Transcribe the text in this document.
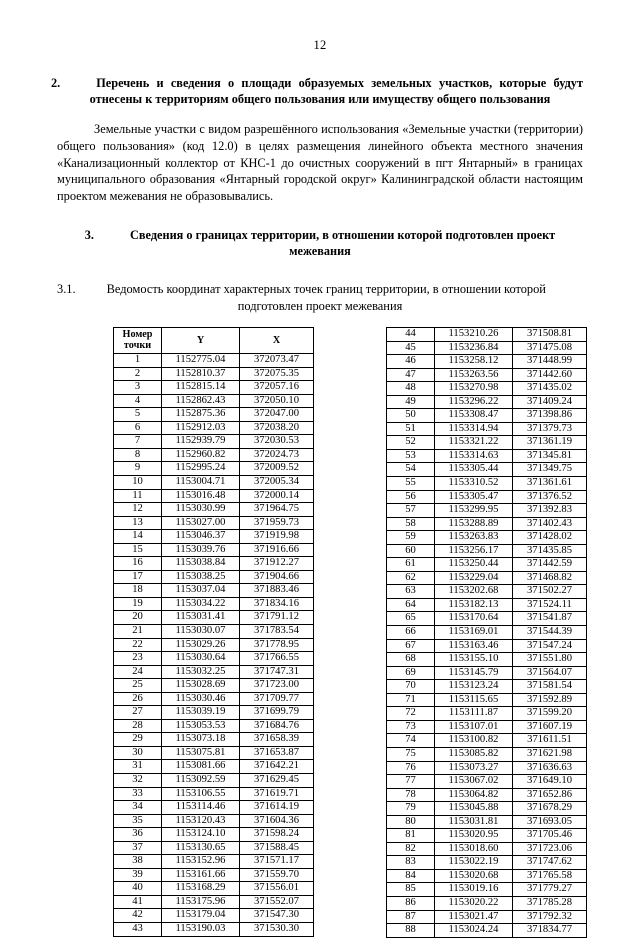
12
2.	Перечень и сведения о площади образуемых земельных участков, которые будут отнесены к территориям общего пользования или имуществу общего пользования

Земельные участки с видом разрешённого использования «Земельные участки (территории) общего пользования» (код 12.0) в целях размещения линейного объекта местного значения «Канализационный коллектор от КНС-1 до очистных сооружений в пгт Янтарный» в границах муниципального образования «Янтарный городской округ» Калининградской области настоящим проектом межевания не образовывались.

3.	Сведения о границах территории, в отношении которой подготовлен проект межевания
3.1.	Ведомость координат характерных точек границ территории, в отношении которой подготовлен проект межевания
Номер
точки	Y	X
1	1152775.04	372073.47
2	1152810.37	372075.35
3	1152815.14	372057.16
4	1152862.43	372050.10
5	1152875.36	372047.00
6	1152912.03	372038.20
7	1152939.79	372030.53
8	1152960.82	372024.73
9	1152995.24	372009.52
10	1153004.71	372005.34
11	1153016.48	372000.14
12	1153030.99	371964.75
13	1153027.00	371959.73
14	1153046.37	371919.98
15	1153039.76	371916.66
16	1153038.84	371912.27
17	1153038.25	371904.66
18	1153037.04	371883.46
19	1153034.22	371834.16
20	1153031.41	371791.12
21	1153030.07	371783.54
22	1153029.26	371778.95
23	1153030.64	371766.55
24	1153032.25	371747.31
25	1153028.69	371723.00
26	1153030.46	371709.77
27	1153039.19	371699.79
28	1153053.53	371684.76
29	1153073.18	371658.39
30	1153075.81	371653.87
31	1153081.66	371642.21
32	1153092.59	371629.45
33	1153106.55	371619.71
34	1153114.46	371614.19
35	1153120.43	371604.36
36	1153124.10	371598.24
37	1153130.65	371588.45
38	1153152.96	371571.17
39	1153161.66	371559.70
40	1153168.29	371556.01
41	1153175.96	371552.07
42	1153179.04	371547.30
43	1153190.03	371530.30
44	1153210.26	371508.81
45	1153236.84	371475.08
46	1153258.12	371448.99
47	1153263.56	371442.60
48	1153270.98	371435.02
49	1153296.22	371409.24
50	1153308.47	371398.86
51	1153314.94	371379.73
52	1153321.22	371361.19
53	1153314.63	371345.81
54	1153305.44	371349.75
55	1153310.52	371361.61
56	1153305.47	371376.52
57	1153299.95	371392.83
58	1153288.89	371402.43
59	1153263.83	371428.02
60	1153256.17	371435.85
61	1153250.44	371442.59
62	1153229.04	371468.82
63	1153202.68	371502.27
64	1153182.13	371524.11
65	1153170.64	371541.87
66	1153169.01	371544.39
67	1153163.46	371547.24
68	1153155.10	371551.80
69	1153145.79	371564.07
70	1153123.24	371581.54
71	1153115.65	371592.89
72	1153111.87	371599.20
73	1153107.01	371607.19
74	1153100.82	371611.51
75	1153085.82	371621.98
76	1153073.27	371636.63
77	1153067.02	371649.10
78	1153064.82	371652.86
79	1153045.88	371678.29
80	1153031.81	371693.05
81	1153020.95	371705.46
82	1153018.60	371723.06
83	1153022.19	371747.62
84	1153020.68	371765.58
85	1153019.16	371779.27
86	1153020.22	371785.28
87	1153021.47	371792.32
88	1153024.24	371834.77
